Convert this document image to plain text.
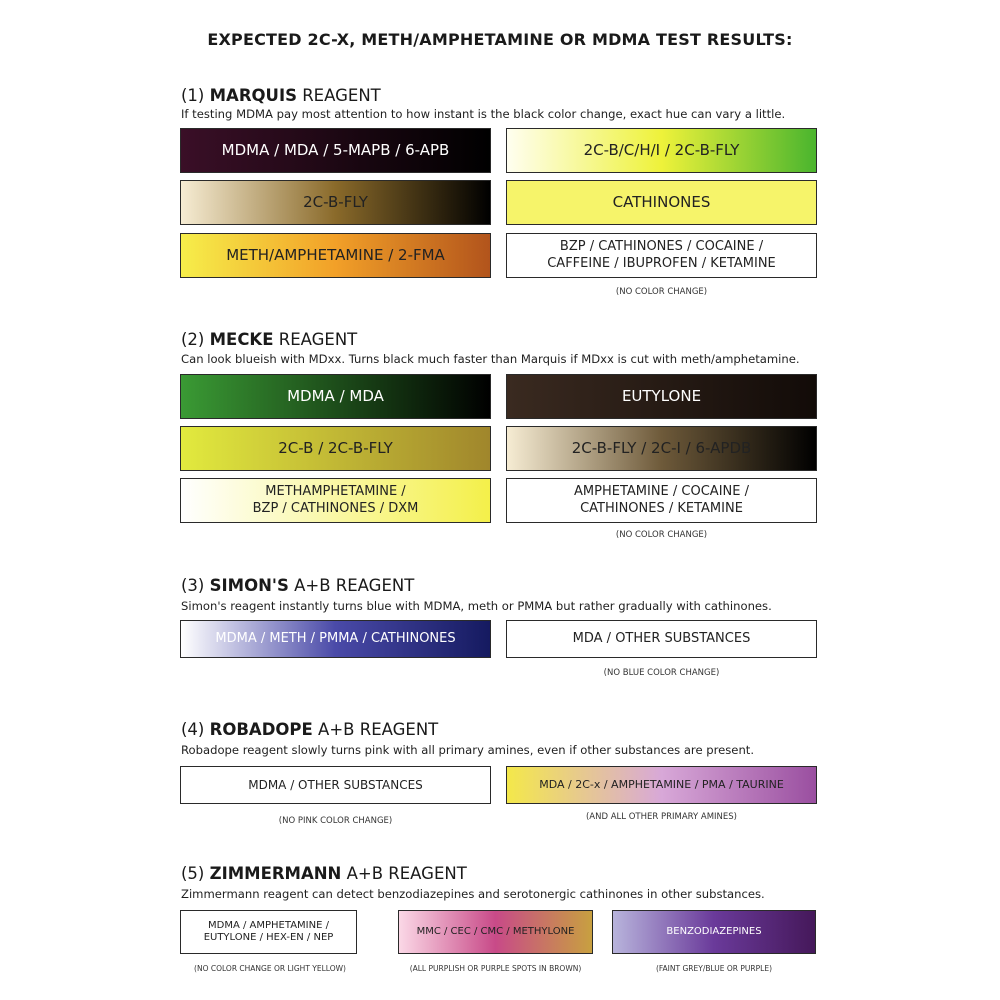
EXPECTED 2C-X, METH/AMPHETAMINE OR MDMA TEST RESULTS:
(1) MARQUIS REAGENT
If testing MDMA pay most attention to how instant is the black color change, exact hue can vary a little.
MDMA / MDA / 5-MAPB / 6-APB	2C-B/C/H/I / 2C-B-FLY
2C-B-FLY	CATHINONES
METH/AMPHETAMINE / 2-FMA	BZP / CATHINONES / COCAINE /
CAFFEINE / IBUPROFEN / KETAMINE
(NO COLOR CHANGE)
(2) MECKE REAGENT
Can look blueish with MDxx. Turns black much faster than Marquis if MDxx is cut with meth/amphetamine.
MDMA / MDA	EUTYLONE
2C-B / 2C-B-FLY	2C-B-FLY / 2C-I / 6-APDB
METHAMPHETAMINE /
BZP / CATHINONES / DXM
AMPHETAMINE / COCAINE /
CATHINONES / KETAMINE
(NO COLOR CHANGE)
(3) SIMON'S A+B REAGENT
Simon's reagent instantly turns blue with MDMA, meth or PMMA but rather gradually with cathinones.
MDMA / METH / PMMA / CATHINONES	MDA / OTHER SUBSTANCES
(NO BLUE COLOR CHANGE)
(4) ROBADOPE A+B REAGENT
Robadope reagent slowly turns pink with all primary amines, even if other substances are present.
MDMA / OTHER SUBSTANCES	MDA / 2C-x / AMPHETAMINE / PMA / TAURINE
(NO PINK COLOR CHANGE)	(AND ALL OTHER PRIMARY AMINES)
(5) ZIMMERMANN A+B REAGENT
Zimmermann reagent can detect benzodiazepines and serotonergic cathinones in other substances.
MDMA / AMPHETAMINE /
EUTYLONE / HEX-EN / NEP
MMC / CEC / CMC / METHYLONE	BENZODIAZEPINES
(NO COLOR CHANGE OR LIGHT YELLOW)	(ALL PURPLISH OR PURPLE SPOTS IN BROWN)	(FAINT GREY/BLUE OR PURPLE)
